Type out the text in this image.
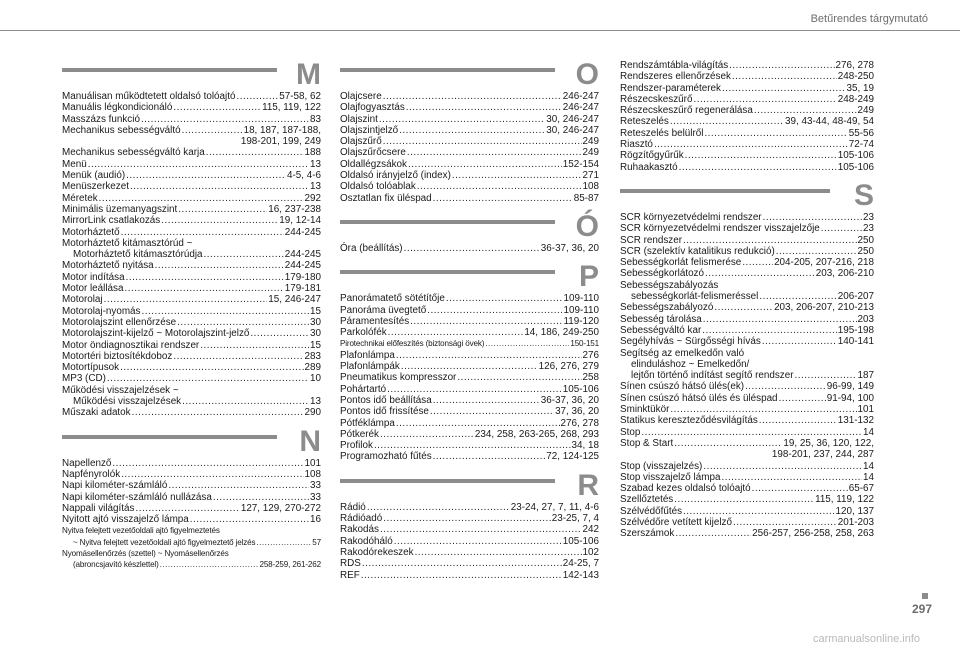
Betűrendes tárgymutató
M
Manuálisan működtetett oldalsó tolóajtó .....	57-58, 62
Manuális légkondicionáló .....	115, 119, 122
Masszázs funkció .....	83
Mechanikus sebességváltó .....	18, 187, 187-188,
198-201, 199, 249
Mechanikus sebességváltó karja .....	188
Menü .....	13
Menük (audió) .....	4-5, 4-6
Menüszerkezet .....	13
Méretek .....	292
Minimális üzemanyagszint .....	16, 237-238
MirrorLink csatlakozás .....	19, 12-14
Motorháztető .....	244-245
Motorháztető kitámasztórúd ~
Motorháztető kitámasztórúdja .....	244-245
Motorháztető nyitása .....	244-245
Motor indítása .....	179-180
Motor leállása .....	179-181
Motorolaj .....	15, 246-247
Motorolaj-nyomás .....	15
Motorolajszint ellenőrzése .....	30
Motorolajszint-kijelző ~ Motorolajszint-jelző .....	30
Motor öndiagnosztikai rendszer .....	15
Motortéri biztosítékdoboz .....	283
Motortípusok .....	289
MP3 (CD) .....	10
Működési visszajelzések ~
Működési visszajelzések .....	13
Műszaki adatok .....	290
N
Napellenző .....	101
Napfényrolók .....	108
Napi kilométer-számláló .....	33
Napi kilométer-számláló nullázása .....	33
Nappali világítás .....	127, 129, 270-272
Nyitott ajtó visszajelző lámpa .....	16
Nyitva felejtett vezetőoldali ajtó figyelmeztetés
~ Nyitva felejtett vezetőoldali ajtó figyelmeztető jelzés .....	57
Nyomásellenőrzés (szettel) ~ Nyomásellenőrzés
(abroncsjavító készlettel) .....	258-259, 261-262
O
Olajcsere .....	246-247
Olajfogyasztás .....	246-247
Olajszint .....	30, 246-247
Olajszintjelző .....	30, 246-247
Olajszűrő .....	249
Olajszűrőcsere .....	249
Oldallégzsákok .....	152-154
Oldalsó irányjelző (index) .....	271
Oldalsó tolóablak .....	108
Osztatlan fix üléspad .....	85-87
Ó
Óra (beállítás) .....	36-37, 36, 20
P
Panorámatető sötétítője .....	109-110
Panoráma üvegtető .....	109-110
Páramentesítés .....	119-120
Parkolófék .....	14, 186, 249-250
Pirotechnikai előfeszítés (biztonsági övek) .....	150-151
Plafonlámpa .....	276
Plafonlámpák .....	126, 276, 279
Pneumatikus kompresszor .....	258
Pohártartó .....	105-106
Pontos idő beállítása .....	36-37, 36, 20
Pontos idő frissítése .....	37, 36, 20
Pótféklámpa .....	276, 278
Pótkerék .....	234, 258, 263-265, 268, 293
Profilok .....	34, 18
Programozható fűtés .....	72, 124-125
R
Rádió .....	23-24, 27, 7, 11, 4-6
Rádióadó .....	23-25, 7, 4
Rakodás .....	242
Rakodóháló .....	105-106
Rakodórekeszek .....	102
RDS .....	24-25, 7
REF .....	142-143
Rendszámtábla-világítás .....	276, 278
Rendszeres ellenőrzések .....	248-250
Rendszer-paraméterek .....	35, 19
Részecskeszűrő .....	248-249
Részecskeszűrő regenerálása .....	249
Reteszelés .....	39, 43-44, 48-49, 54
Reteszelés belülről .....	55-56
Riasztó .....	72-74
Rögzítőgyűrűk .....	105-106
Ruhaakasztó .....	105-106
S
SCR környezetvédelmi rendszer .....	23
SCR környezetvédelmi rendszer visszajelzője .....	23
SCR rendszer .....	250
SCR (szelektív katalitikus redukció) .....	250
Sebességkorlát felismerése .....	204-205, 207-216, 218
Sebességkorlátozó .....	203, 206-210
Sebességszabályozás
sebességkorlát-felismeréssel .....	206-207
Sebességszabályozó .....	203, 206-207, 210-213
Sebesség tárolása .....	203
Sebességváltó kar .....	195-198
Segélyhívás ~ Sürgősségi hívás .....	140-141
Segítség az emelkedőn való
elinduláshoz ~ Emelkedőn/
lejtőn történő indítást segítő rendszer .....	187
Sínen csúszó hátsó ülés(ek) .....	96-99, 149
Sínen csúszó hátsó ülés és üléspad .....	91-94, 100
Sminktükör .....	101
Statikus kereszteződésvilágítás .....	131-132
Stop .....	14
Stop & Start .....	19, 25, 36, 120, 122,
198-201, 237, 244, 287
Stop (visszajelzés) .....	14
Stop visszajelző lámpa .....	14
Szabad kezes oldalsó tolóajtó .....	65-67
Szellőztetés .....	115, 119, 122
Szélvédőfűtés .....	120, 137
Szélvédőre vetített kijelző .....	201-203
Szerszámok .....	256-257, 256-258, 258, 263
297
carmanualsonline.info
